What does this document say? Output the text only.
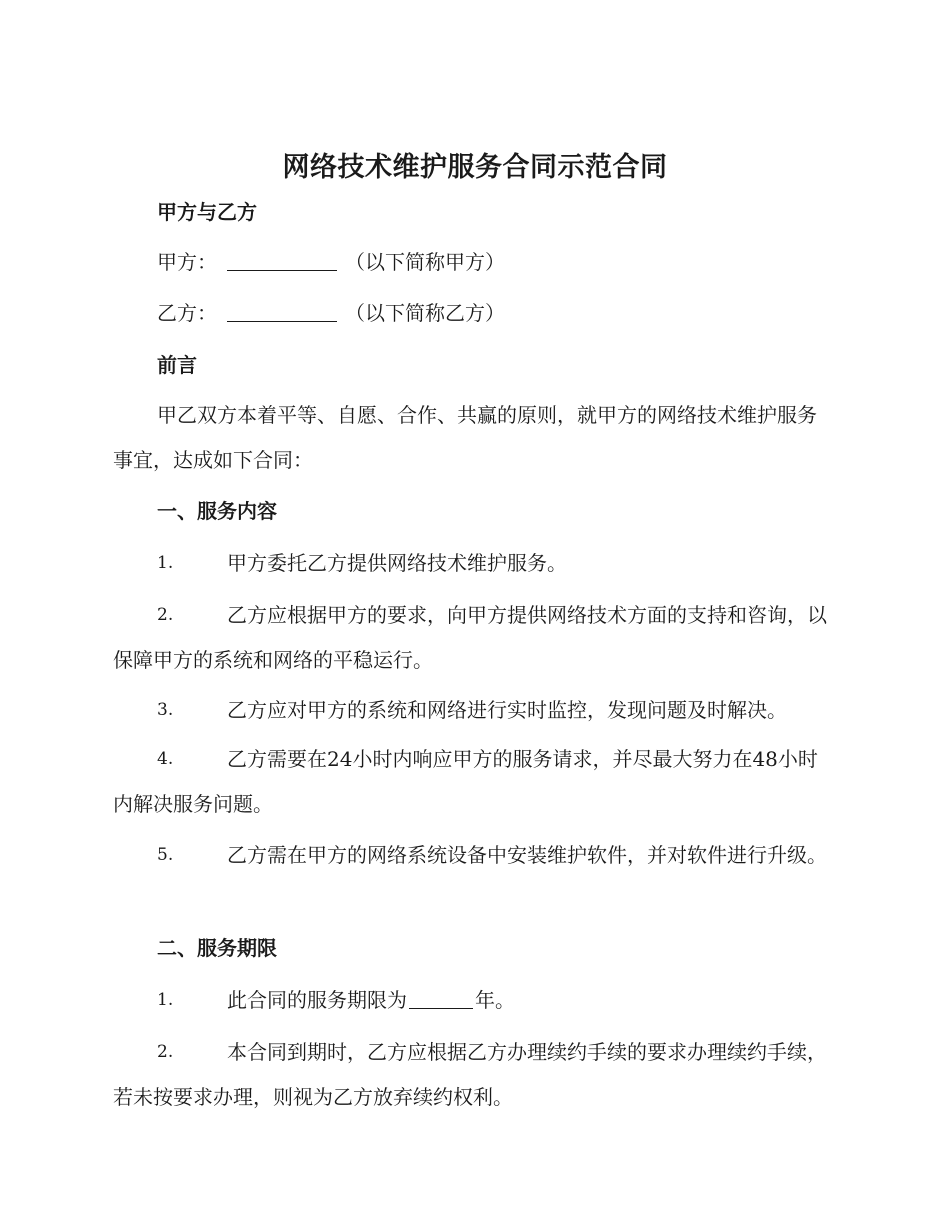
网络技术维护服务合同示范合同
甲方与乙方
甲方：	（以下简称甲方）
乙方：	（以下简称乙方）
前言
甲乙双方本着平等、自愿、合作、共赢的原则，就甲方的网络技术维护服务事宜，达成如下合同：
一、服务内容
1.	甲方委托乙方提供网络技术维护服务。
2.	乙方应根据甲方的要求，向甲方提供网络技术方面的支持和咨询，以保障甲方的系统和网络的平稳运行。
3.	乙方应对甲方的系统和网络进行实时监控，发现问题及时解决。
4.	乙方需要在24小时内响应甲方的服务请求，并尽最大努力在48小时内解决服务问题。
5.	乙方需在甲方的网络系统设备中安装维护软件，并对软件进行升级。
二、服务期限
1.	此合同的服务期限为	年。
2.	本合同到期时，乙方应根据乙方办理续约手续的要求办理续约手续，若未按要求办理，则视为乙方放弃续约权利。
